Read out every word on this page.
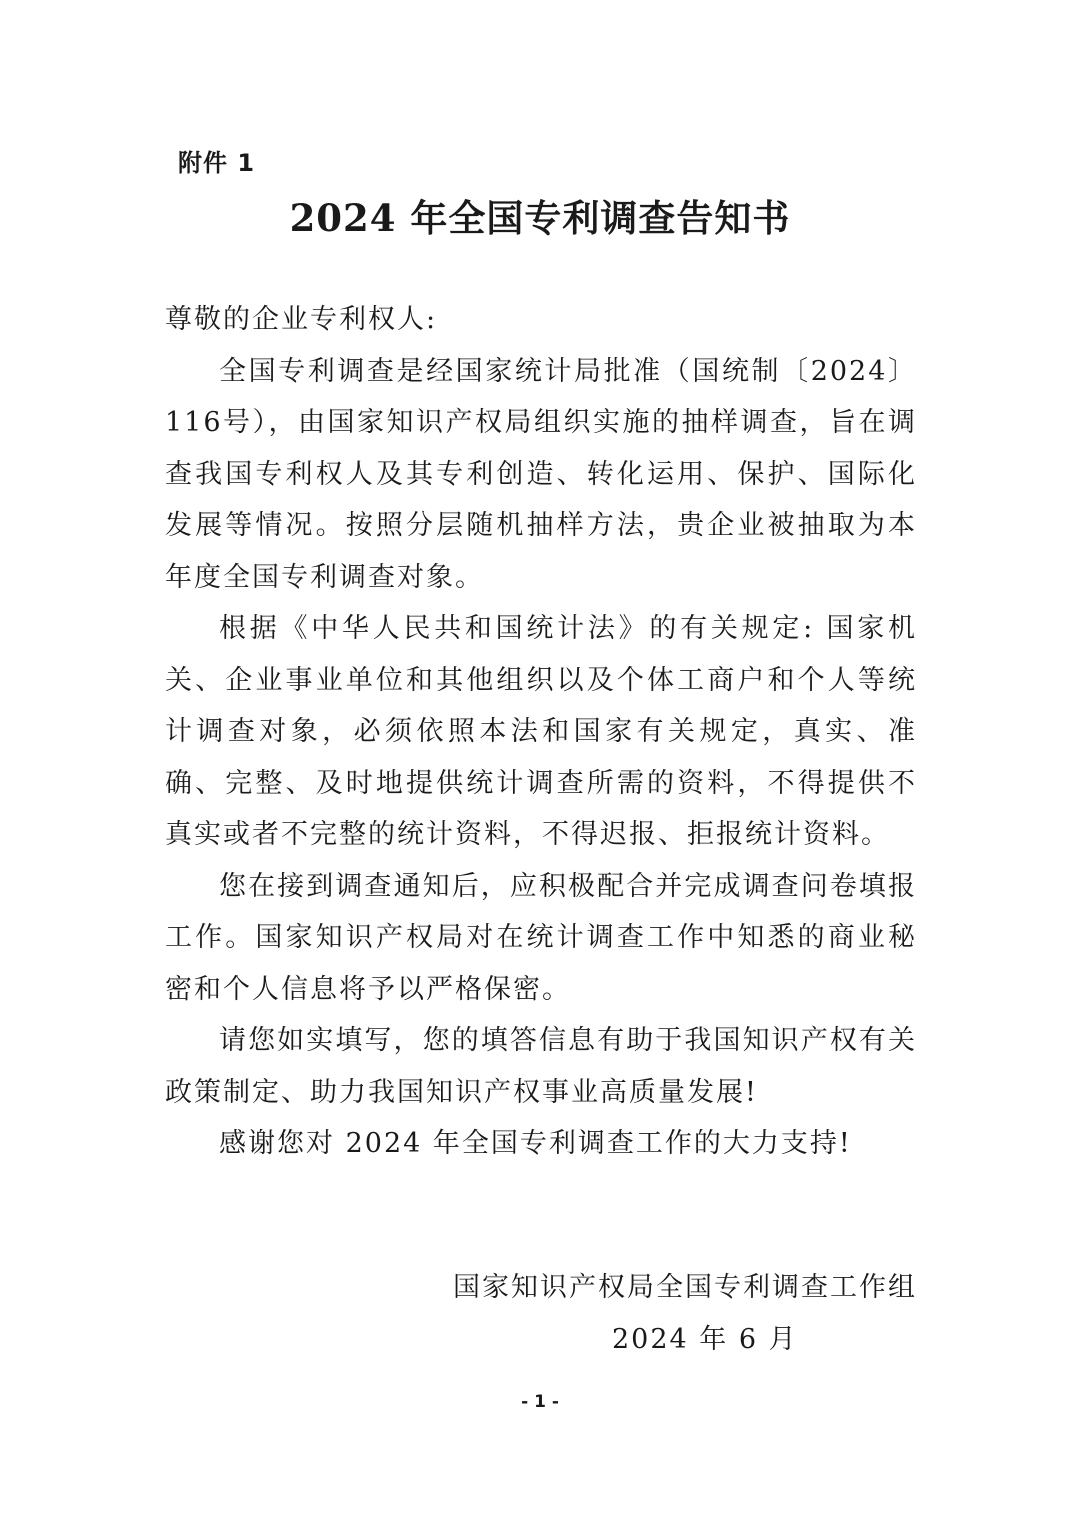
附件 1
2024 年全国专利调查告知书

尊敬的企业专利权人:

全国专利调查是经国家统计局批准（国统制〔2024〕116号），由国家知识产权局组织实施的抽样调查，旨在调查我国专利权人及其专利创造、转化运用、保护、国际化发展等情况。按照分层随机抽样方法，贵企业被抽取为本年度全国专利调查对象。

根据《中华人民共和国统计法》的有关规定: 国家机关、企业事业单位和其他组织以及个体工商户和个人等统计调查对象，必须依照本法和国家有关规定，真实、准确、完整、及时地提供统计调查所需的资料，不得提供不真实或者不完整的统计资料，不得迟报、拒报统计资料。

您在接到调查通知后，应积极配合并完成调查问卷填报工作。国家知识产权局对在统计调查工作中知悉的商业秘密和个人信息将予以严格保密。

请您如实填写，您的填答信息有助于我国知识产权有关政策制定、助力我国知识产权事业高质量发展!

感谢您对 2024 年全国专利调查工作的大力支持!

国家知识产权局全国专利调查工作组
2024 年 6 月
- 1 -
